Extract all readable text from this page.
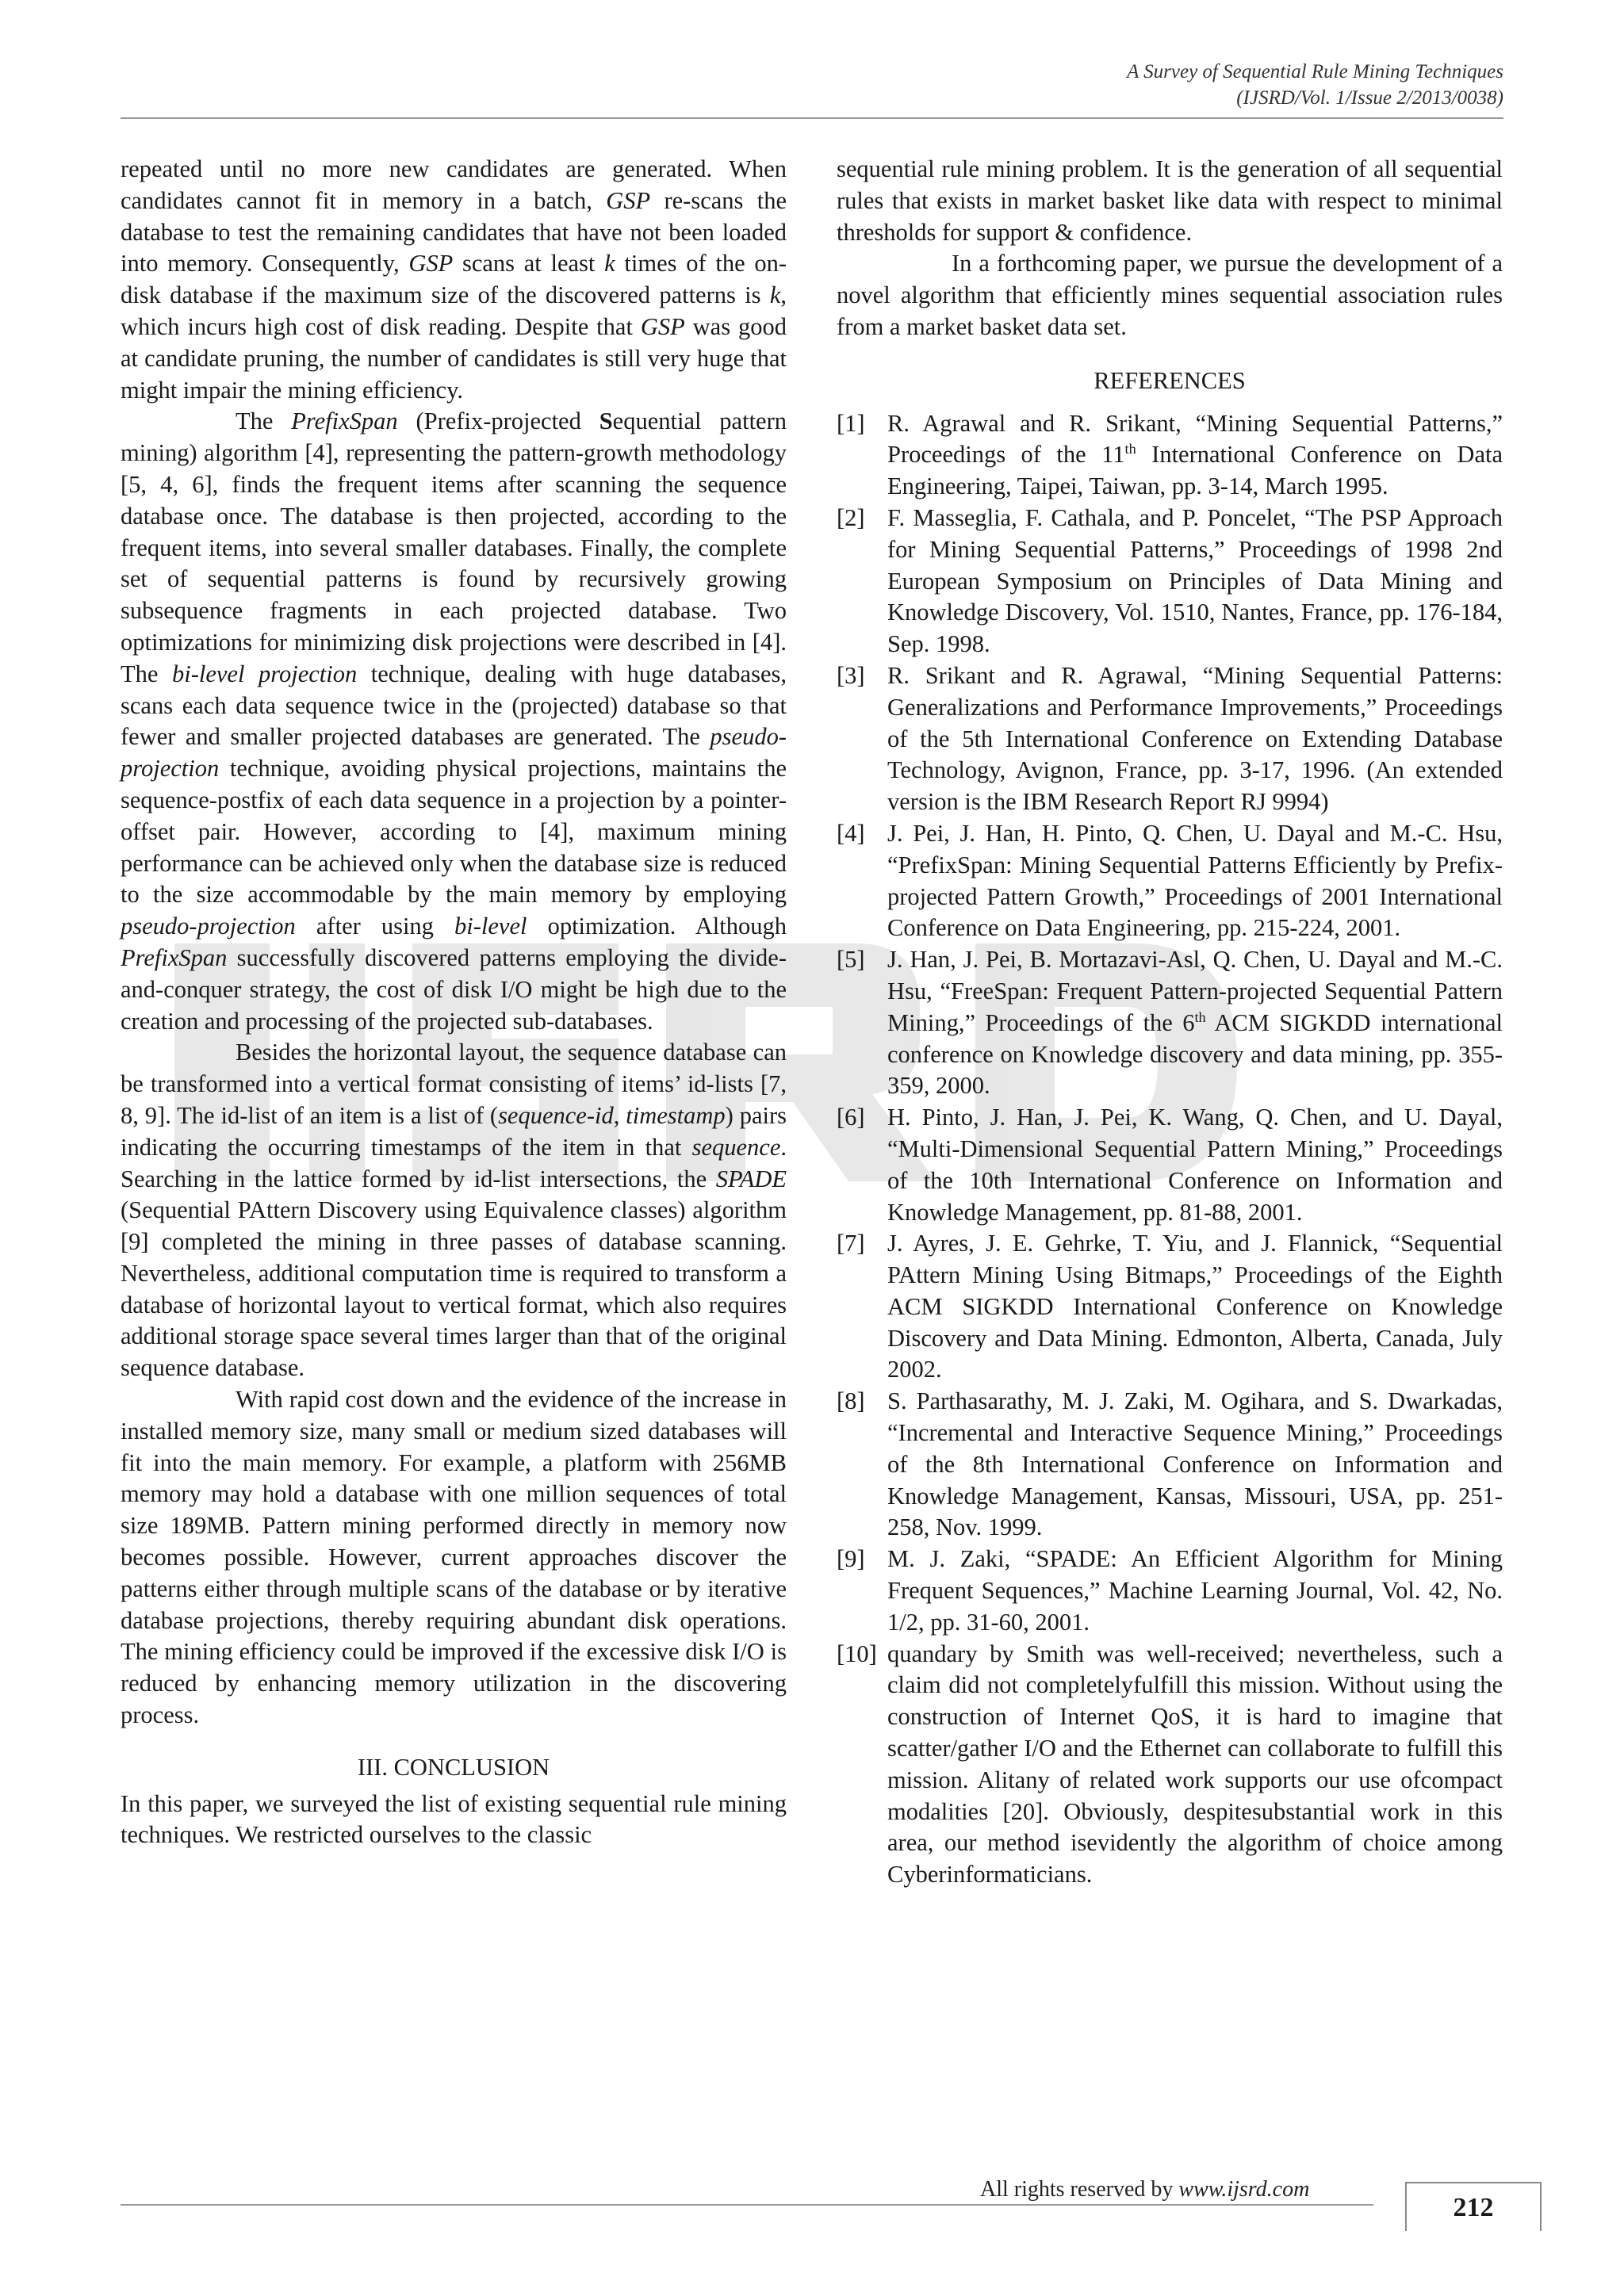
A Survey of Sequential Rule Mining Techniques
(IJSRD/Vol. 1/Issue 2/2013/0038)

repeated until no more new candidates are generated. When candidates cannot fit in memory in a batch, GSP re-scans the database to test the remaining candidates that have not been loaded into memory. Consequently, GSP scans at least k times of the on-disk database if the maximum size of the discovered patterns is k, which incurs high cost of disk reading. Despite that GSP was good at candidate pruning, the number of candidates is still very huge that might impair the mining efficiency.

The PrefixSpan (Prefix-projected Sequential pattern mining) algorithm [4], representing the pattern-growth methodology [5, 4, 6], finds the frequent items after scanning the sequence database once. The database is then projected, according to the frequent items, into several smaller databases. Finally, the complete set of sequential patterns is found by recursively growing subsequence fragments in each projected database. Two optimizations for minimizing disk projections were described in [4]. The bi-level projection technique, dealing with huge databases, scans each data sequence twice in the (projected) database so that fewer and smaller projected databases are generated. The pseudo-projection technique, avoiding physical projections, maintains the sequence-postfix of each data sequence in a projection by a pointer-offset pair. However, according to [4], maximum mining performance can be achieved only when the database size is reduced to the size accommodable by the main memory by employing pseudo-projection after using bi-level optimization. Although PrefixSpan successfully discovered patterns employing the divide-and-conquer strategy, the cost of disk I/O might be high due to the creation and processing of the projected sub-databases.

Besides the horizontal layout, the sequence database can be transformed into a vertical format consisting of items’ id-lists [7, 8, 9]. The id-list of an item is a list of (sequence-id, timestamp) pairs indicating the occurring timestamps of the item in that sequence. Searching in the lattice formed by id-list intersections, the SPADE (Sequential PAttern Discovery using Equivalence classes) algorithm [9] completed the mining in three passes of database scanning. Nevertheless, additional computation time is required to transform a database of horizontal layout to vertical format, which also requires additional storage space several times larger than that of the original sequence database.

With rapid cost down and the evidence of the increase in installed memory size, many small or medium sized databases will fit into the main memory. For example, a platform with 256MB memory may hold a database with one million sequences of total size 189MB. Pattern mining performed directly in memory now becomes possible. However, current approaches discover the patterns either through multiple scans of the database or by iterative database projections, thereby requiring abundant disk operations. The mining efficiency could be improved if the excessive disk I/O is reduced by enhancing memory utilization in the discovering process.

III. CONCLUSION

In this paper, we surveyed the list of existing sequential rule mining techniques. We restricted ourselves to the classic

sequential rule mining problem. It is the generation of all sequential rules that exists in market basket like data with respect to minimal thresholds for support & confidence.

In a forthcoming paper, we pursue the development of a novel algorithm that efficiently mines sequential association rules from a market basket data set.

REFERENCES
[1] R. Agrawal and R. Srikant, “Mining Sequential Patterns,” Proceedings of the 11th International Conference on Data Engineering, Taipei, Taiwan, pp. 3-14, March 1995.
[2] F. Masseglia, F. Cathala, and P. Poncelet, “The PSP Approach for Mining Sequential Patterns,” Proceedings of 1998 2nd European Symposium on Principles of Data Mining and Knowledge Discovery, Vol. 1510, Nantes, France, pp. 176-184, Sep. 1998.
[3] R. Srikant and R. Agrawal, “Mining Sequential Patterns: Generalizations and Performance Improvements,” Proceedings of the 5th International Conference on Extending Database Technology, Avignon, France, pp. 3-17, 1996. (An extended version is the IBM Research Report RJ 9994)
[4] J. Pei, J. Han, H. Pinto, Q. Chen, U. Dayal and M.-C. Hsu, “PrefixSpan: Mining Sequential Patterns Efficiently by Prefix-projected Pattern Growth,” Proceedings of 2001 International Conference on Data Engineering, pp. 215-224, 2001.
[5] J. Han, J. Pei, B. Mortazavi-Asl, Q. Chen, U. Dayal and M.-C. Hsu, “FreeSpan: Frequent Pattern-projected Sequential Pattern Mining,” Proceedings of the 6th ACM SIGKDD international conference on Knowledge discovery and data mining, pp. 355-359, 2000.
[6] H. Pinto, J. Han, J. Pei, K. Wang, Q. Chen, and U. Dayal, “Multi-Dimensional Sequential Pattern Mining,” Proceedings of the 10th International Conference on Information and Knowledge Management, pp. 81-88, 2001.
[7] J. Ayres, J. E. Gehrke, T. Yiu, and J. Flannick, “Sequential PAttern Mining Using Bitmaps,” Proceedings of the Eighth ACM SIGKDD International Conference on Knowledge Discovery and Data Mining. Edmonton, Alberta, Canada, July 2002.
[8] S. Parthasarathy, M. J. Zaki, M. Ogihara, and S. Dwarkadas, “Incremental and Interactive Sequence Mining,” Proceedings of the 8th International Conference on Information and Knowledge Management, Kansas, Missouri, USA, pp. 251-258, Nov. 1999.
[9] M. J. Zaki, “SPADE: An Efficient Algorithm for Mining Frequent Sequences,” Machine Learning Journal, Vol. 42, No. 1/2, pp. 31-60, 2001.
[10] quandary by Smith was well-received; nevertheless, such a claim did not completelyfulfill this mission. Without using the construction of Internet QoS, it is hard to imagine that scatter/gather I/O and the Ethernet can collaborate to fulfill this mission. Alitany of related work supports our use ofcompact modalities [20]. Obviously, despitesubstantial work in this area, our method isevidently the algorithm of choice among Cyberinformaticians.
All rights reserved by www.ijsrd.com
212
